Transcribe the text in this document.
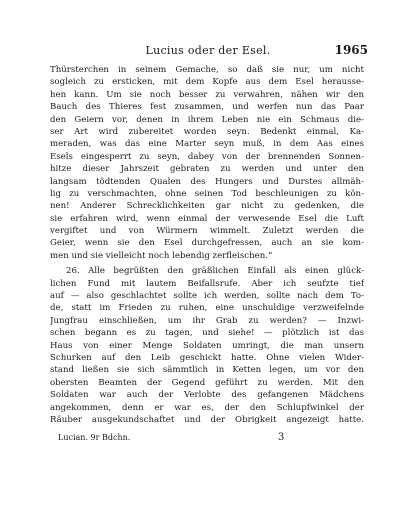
Lucius oder der Esel.	1965
Thürsterchen in seinem Gemache, so daß sie nur, um nicht
sogleich zu ersticken, mit dem Kopfe aus dem Esel herausse-
hen kann. Um sie noch besser zu verwahren, nähen wir den
Bauch des Thieres fest zusammen, und werfen nun das Paar
den Geiern vor, denen in ihrem Leben nie ein Schmaus die-
ser Art wird zubereitet worden seyn. Bedenkt einmal, Ka-
meraden, was das eine Marter seyn muß, in dem Aas eines
Esels eingesperrt zu seyn, dabey von der brennenden Sonnen-
hitze dieser Jahrszeit gebraten zu werden und unter den
langsam tödtenden Qualen des Hungers und Durstes allmäh-
lig zu verschmachten, ohne seinen Tod beschleunigen zu kön-
nen! Anderer Schrecklichkeiten gar nicht zu gedenken, die
sie erfahren wird, wenn einmal der verwesende Esel die Luft
vergiftet und von Würmern wimmelt. Zuletzt werden die
Geier, wenn sie den Esel durchgefressen, auch an sie kom-
men und sie vielleicht noch lebendig zerfleischen.“
26. Alle begrüßten den gräßlichen Einfall als einen glück-
lichen Fund mit lautem Beifallsrufe. Aber ich seufzte tief
auf — also geschlachtet sollte ich werden, sollte nach dem To-
de, statt im Frieden zu ruhen, eine unschuldige verzweifelnde
Jungfrau einschließen, um ihr Grab zu werden? — Inzwi-
schen begann es zu tagen, und siehe! — plötzlich ist das
Haus von einer Menge Soldaten umringt, die man unsern
Schurken auf den Leib geschickt hatte. Ohne vielen Wider-
stand ließen sie sich sämmtlich in Ketten legen, um vor den
obersten Beamten der Gegend geführt zu werden. Mit den
Soldaten war auch der Verlobte des gefangenen Mädchens
angekommen, denn er war es, der den Schlupfwinkel der
Räuber ausgekundschaftet und der Obrigkeit angezeigt hatte.
Lucian. 9r Bdchn.	3
